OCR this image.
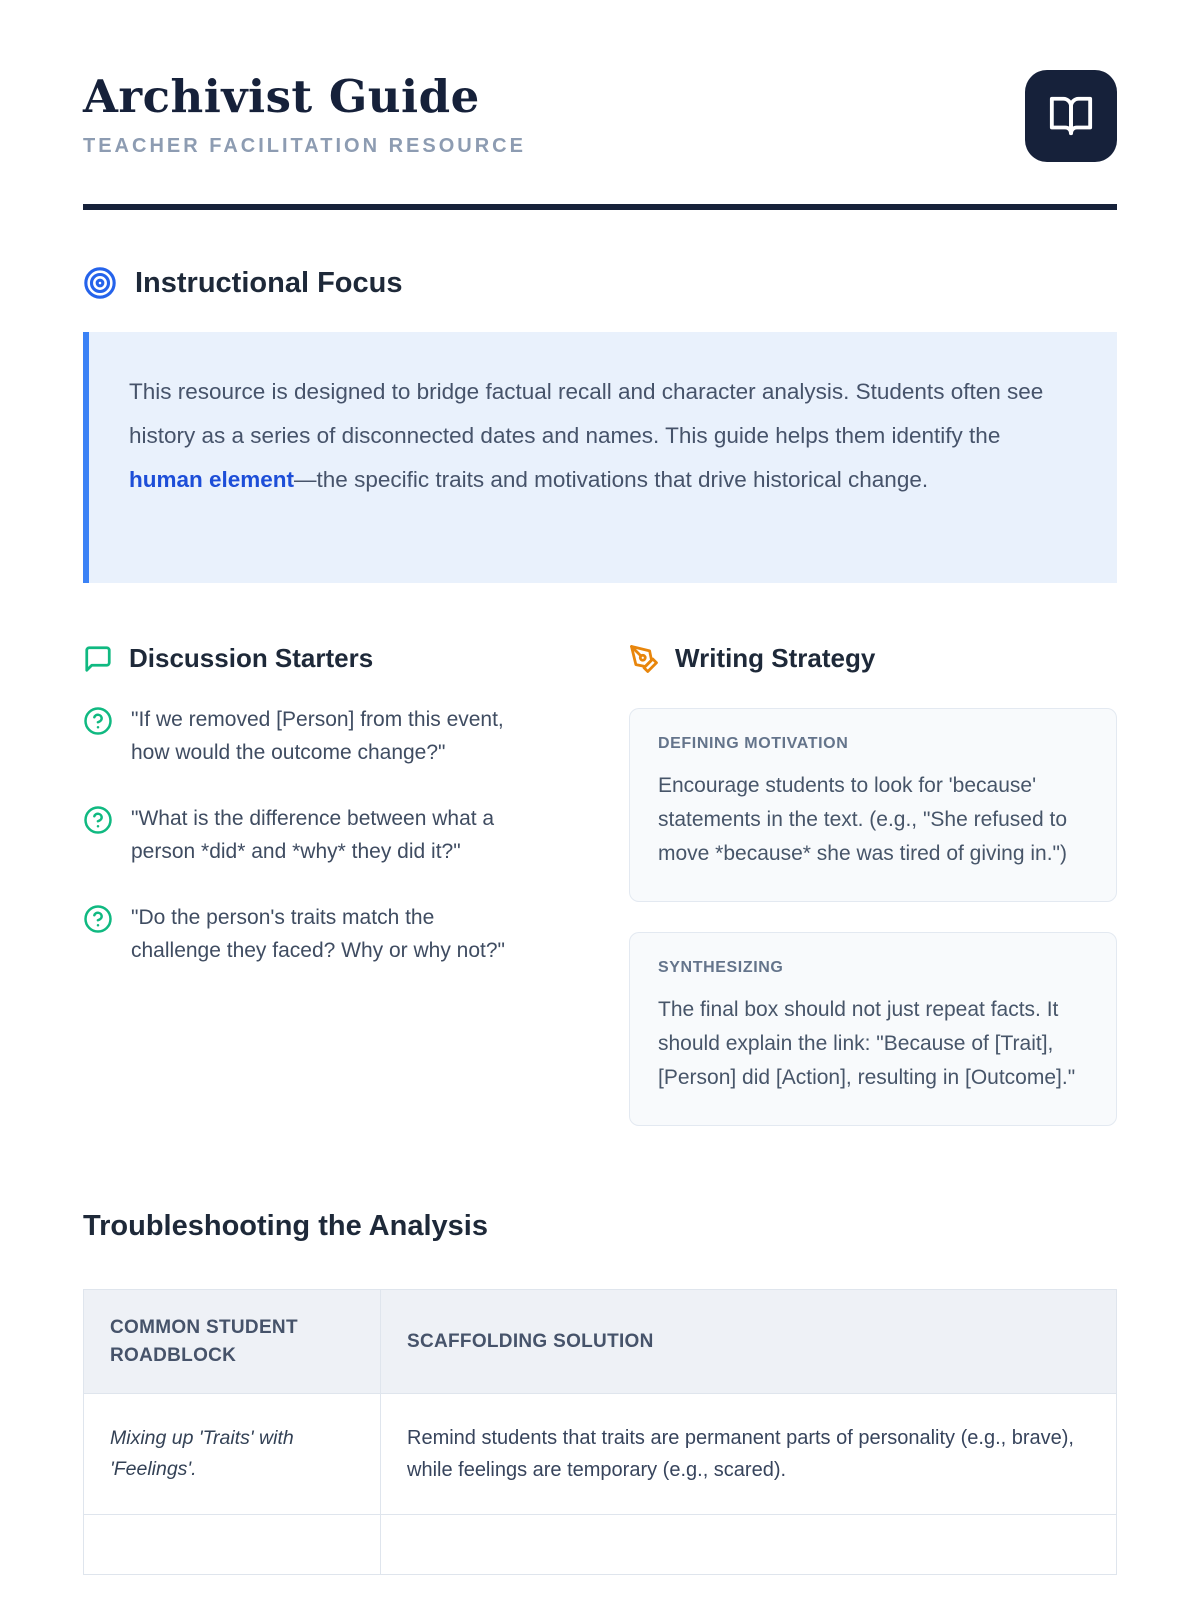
Archivist Guide
TEACHER FACILITATION RESOURCE
Instructional Focus

This resource is designed to bridge factual recall and character analysis. Students often see history as a series of disconnected dates and names. This guide helps them identify the human element—the specific traits and motivations that drive historical change.

Discussion Starters

"If we removed [Person] from this event, how would the outcome change?"

"What is the difference between what a person *did* and *why* they did it?"

"Do the person's traits match the challenge they faced? Why or why not?"

Writing Strategy
DEFINING MOTIVATION

Encourage students to look for 'because' statements in the text. (e.g., "She refused to move *because* she was tired of giving in.")

SYNTHESIZING

The final box should not just repeat facts. It should explain the link: "Because of [Trait], [Person] did [Action], resulting in [Outcome]."

Troubleshooting the Analysis
COMMON STUDENT ROADBLOCK	SCAFFOLDING SOLUTION
Mixing up 'Traits' with 'Feelings'.	Remind students that traits are permanent parts of personality (e.g., brave), while feelings are temporary (e.g., scared).
